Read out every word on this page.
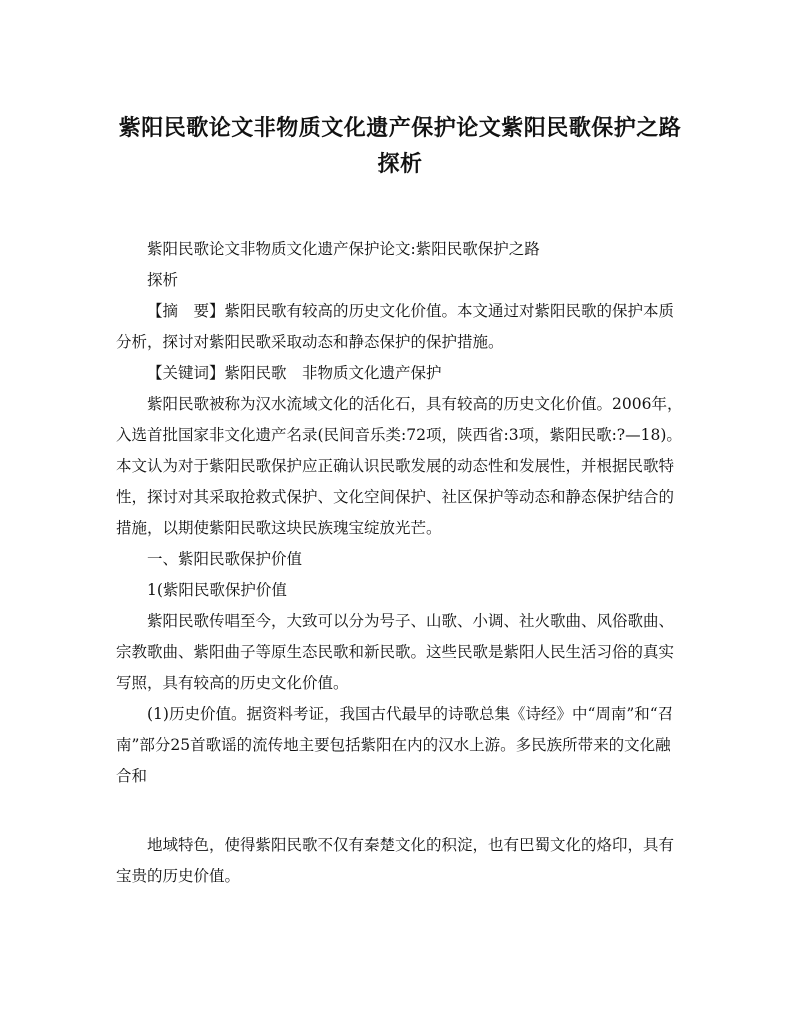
紫阳民歌论文非物质文化遗产保护论文紫阳民歌保护之路
探析

紫阳民歌论文非物质文化遗产保护论文:紫阳民歌保护之路

探析

【摘　要】紫阳民歌有较高的历史文化价值。本文通过对紫阳民歌的保护本质分析，探讨对紫阳民歌采取动态和静态保护的保护措施。

【关键词】紫阳民歌　非物质文化遗产保护

紫阳民歌被称为汉水流域文化的活化石，具有较高的历史文化价值。2006年，入选首批国家非文化遗产名录(民间音乐类:72项，陕西省:3项，紫阳民歌:?—18)。本文认为对于紫阳民歌保护应正确认识民歌发展的动态性和发展性，并根据民歌特性，探讨对其采取抢救式保护、文化空间保护、社区保护等动态和静态保护结合的措施，以期使紫阳民歌这块民族瑰宝绽放光芒。

一、紫阳民歌保护价值

1(紫阳民歌保护价值

紫阳民歌传唱至今，大致可以分为号子、山歌、小调、社火歌曲、风俗歌曲、宗教歌曲、紫阳曲子等原生态民歌和新民歌。这些民歌是紫阳人民生活习俗的真实写照，具有较高的历史文化价值。

(1)历史价值。据资料考证，我国古代最早的诗歌总集《诗经》中“周南”和“召南”部分25首歌谣的流传地主要包括紫阳在内的汉水上游。多民族所带来的文化融合和

地域特色，使得紫阳民歌不仅有秦楚文化的积淀，也有巴蜀文化的烙印，具有宝贵的历史价值。
